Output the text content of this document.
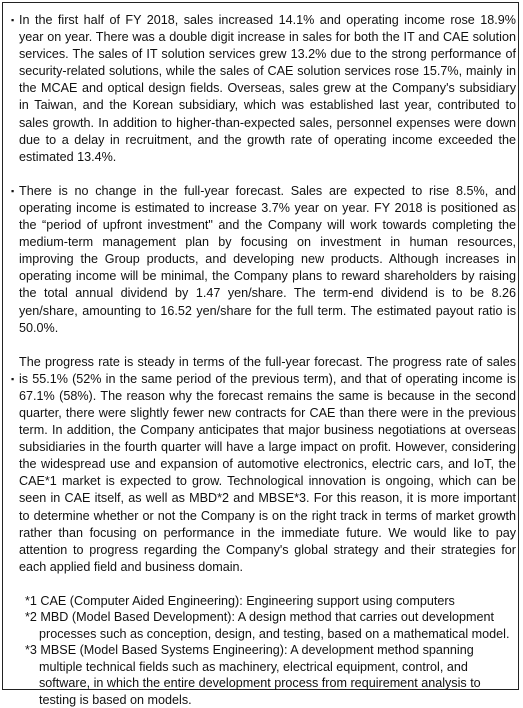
▪ In the first half of FY 2018, sales increased 14.1% and operating income rose 18.9% year on year. There was a double digit increase in sales for both the IT and CAE solution services. The sales of IT solution services grew 13.2% due to the strong performance of security-related solutions, while the sales of CAE solution services rose 15.7%, mainly in the MCAE and optical design fields. Overseas, sales grew at the Company's subsidiary in Taiwan, and the Korean subsidiary, which was established last year, contributed to sales growth. In addition to higher-than-expected sales, personnel expenses were down due to a delay in recruitment, and the growth rate of operating income exceeded the estimated 13.4%.
▪ There is no change in the full-year forecast. Sales are expected to rise 8.5%, and operating income is estimated to increase 3.7% year on year. FY 2018 is positioned as the “period of upfront investment" and the Company will work towards completing the medium-term management plan by focusing on investment in human resources, improving the Group products, and developing new products. Although increases in operating income will be minimal, the Company plans to reward shareholders by raising the total annual dividend by 1.47 yen/share. The term-end dividend is to be 8.26 yen/share, amounting to 16.52 yen/share for the full term. The estimated payout ratio is 50.0%.
▪
The progress rate is steady in terms of the full-year forecast. The progress rate of sales is 55.1% (52% in the same period of the previous term), and that of operating income is 67.1% (58%). The reason why the forecast remains the same is because in the second quarter, there were slightly fewer new contracts for CAE than there were in the previous term. In addition, the Company anticipates that major business negotiations at overseas subsidiaries in the fourth quarter will have a large impact on profit. However, considering the widespread use and expansion of automotive electronics, electric cars, and IoT, the CAE*1 market is expected to grow. Technological innovation is ongoing, which can be seen in CAE itself, as well as MBD*2 and MBSE*3. For this reason, it is more important to determine whether or not the Company is on the right track in terms of market growth rather than focusing on performance in the immediate future. We would like to pay attention to progress regarding the Company's global strategy and their strategies for each applied field and business domain.

*1 CAE (Computer Aided Engineering): Engineering support using computers

*2 MBD (Model Based Development): A design method that carries out development processes such as conception, design, and testing, based on a mathematical model.

*3 MBSE (Model Based Systems Engineering): A development method spanning multiple technical fields such as machinery, electrical equipment, control, and software, in which the entire development process from requirement analysis to testing is based on models.
